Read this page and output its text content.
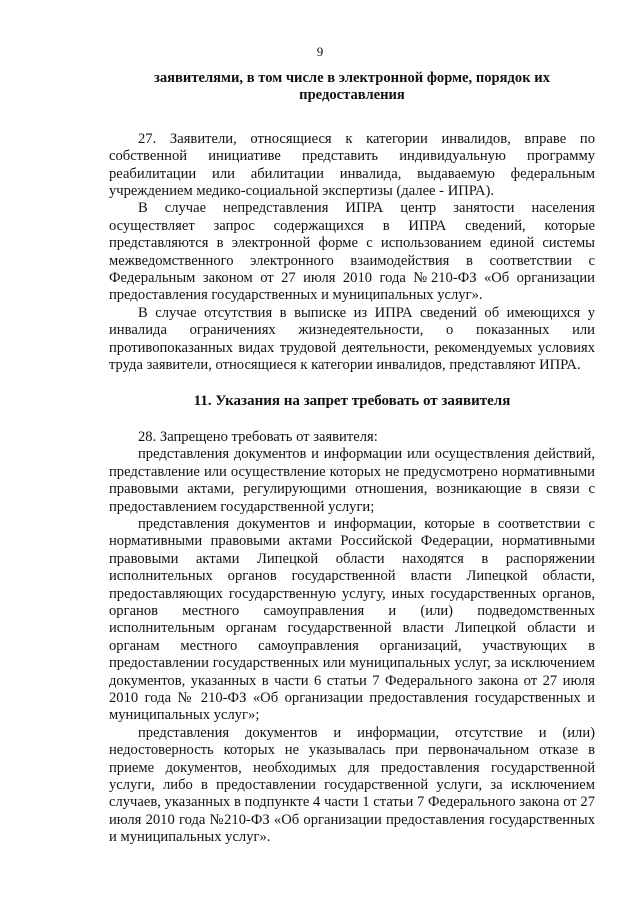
9
заявителями, в том числе в электронной форме, порядок их
предоставления

27. Заявители, относящиеся к категории инвалидов, вправе по собственной инициативе представить индивидуальную программу реабилитации или абилитации инвалида, выдаваемую федеральным учреждением медико-социальной экспертизы (далее - ИПРА).

В случае непредставления ИПРА центр занятости населения осуществляет запрос содержащихся в ИПРА сведений, которые представляются в электронной форме с использованием единой системы межведомственного электронного взаимодействия в соответствии с Федеральным законом от 27 июля 2010 года №210-ФЗ «Об организации предоставления государственных и муниципальных услуг».

В случае отсутствия в выписке из ИПРА сведений об имеющихся у инвалида ограничениях жизнедеятельности, о показанных или противопоказанных видах трудовой деятельности, рекомендуемых условиях труда заявители, относящиеся к категории инвалидов, представляют ИПРА.

11. Указания на запрет требовать от заявителя

28. Запрещено требовать от заявителя:

представления документов и информации или осуществления действий, представление или осуществление которых не предусмотрено нормативными правовыми актами, регулирующими отношения, возникающие в связи с предоставлением государственной услуги;

представления документов и информации, которые в соответствии с нормативными правовыми актами Российской Федерации, нормативными правовыми актами Липецкой области находятся в распоряжении исполнительных органов государственной власти Липецкой области, предоставляющих государственную услугу, иных государственных органов, органов местного самоуправления и (или) подведомственных исполнительным органам государственной власти Липецкой области и органам местного самоуправления организаций, участвующих в предоставлении государственных или муниципальных услуг, за исключением документов, указанных в части 6 статьи 7 Федерального закона от 27 июля 2010 года № 210-ФЗ «Об организации предоставления государственных и муниципальных услуг»;

представления документов и информации, отсутствие и (или) недостоверность которых не указывалась при первоначальном отказе в приеме документов, необходимых для предоставления государственной услуги, либо в предоставлении государственной услуги, за исключением случаев, указанных в подпункте 4 части 1 статьи 7 Федерального закона от 27 июля 2010 года №210-ФЗ «Об организации предоставления государственных и муниципальных услуг».
